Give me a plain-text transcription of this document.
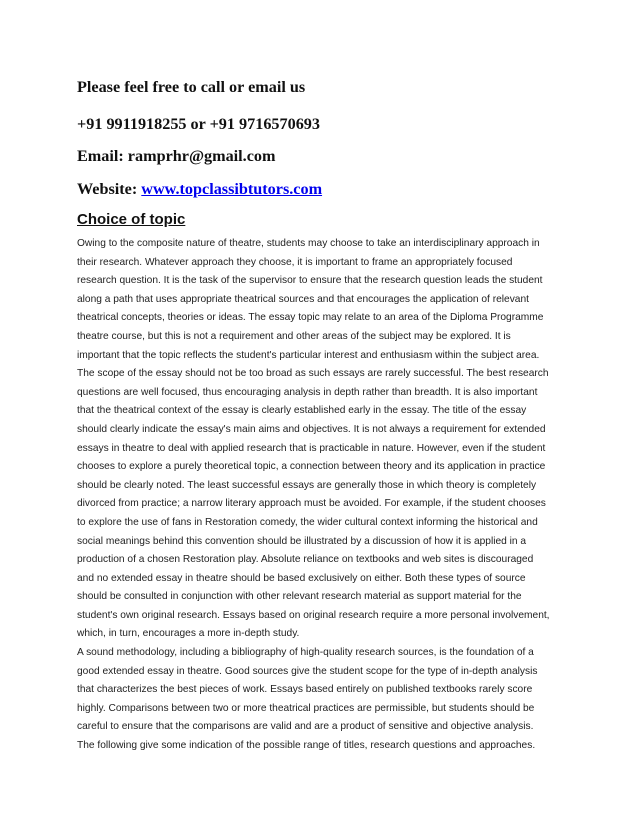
Please feel free to call or email us
+91 9911918255 or +91 9716570693
Email: ramprhr@gmail.com
Website: www.topclassibtutors.com
Choice of topic
Owing to the composite nature of theatre, students may choose to take an interdisciplinary approach in
their research. Whatever approach they choose, it is important to frame an appropriately focused
research question. It is the task of the supervisor to ensure that the research question leads the student
along a path that uses appropriate theatrical sources and that encourages the application of relevant
theatrical concepts, theories or ideas. The essay topic may relate to an area of the Diploma Programme
theatre course, but this is not a requirement and other areas of the subject may be explored. It is
important that the topic reflects the student's particular interest and enthusiasm within the subject area.
The scope of the essay should not be too broad as such essays are rarely successful. The best research
questions are well focused, thus encouraging analysis in depth rather than breadth. It is also important
that the theatrical context of the essay is clearly established early in the essay. The title of the essay
should clearly indicate the essay's main aims and objectives. It is not always a requirement for extended
essays in theatre to deal with applied research that is practicable in nature. However, even if the student
chooses to explore a purely theoretical topic, a connection between theory and its application in practice
should be clearly noted. The least successful essays are generally those in which theory is completely
divorced from practice; a narrow literary approach must be avoided. For example, if the student chooses
to explore the use of fans in Restoration comedy, the wider cultural context informing the historical and
social meanings behind this convention should be illustrated by a discussion of how it is applied in a
production of a chosen Restoration play. Absolute reliance on textbooks and web sites is discouraged
and no extended essay in theatre should be based exclusively on either. Both these types of source
should be consulted in conjunction with other relevant research material as support material for the
student's own original research. Essays based on original research require a more personal involvement,
which, in turn, encourages a more in-depth study.
A sound methodology, including a bibliography of high-quality research sources, is the foundation of a
good extended essay in theatre. Good sources give the student scope for the type of in-depth analysis
that characterizes the best pieces of work. Essays based entirely on published textbooks rarely score
highly. Comparisons between two or more theatrical practices are permissible, but students should be
careful to ensure that the comparisons are valid and are a product of sensitive and objective analysis.
The following give some indication of the possible range of titles, research questions and approaches.
